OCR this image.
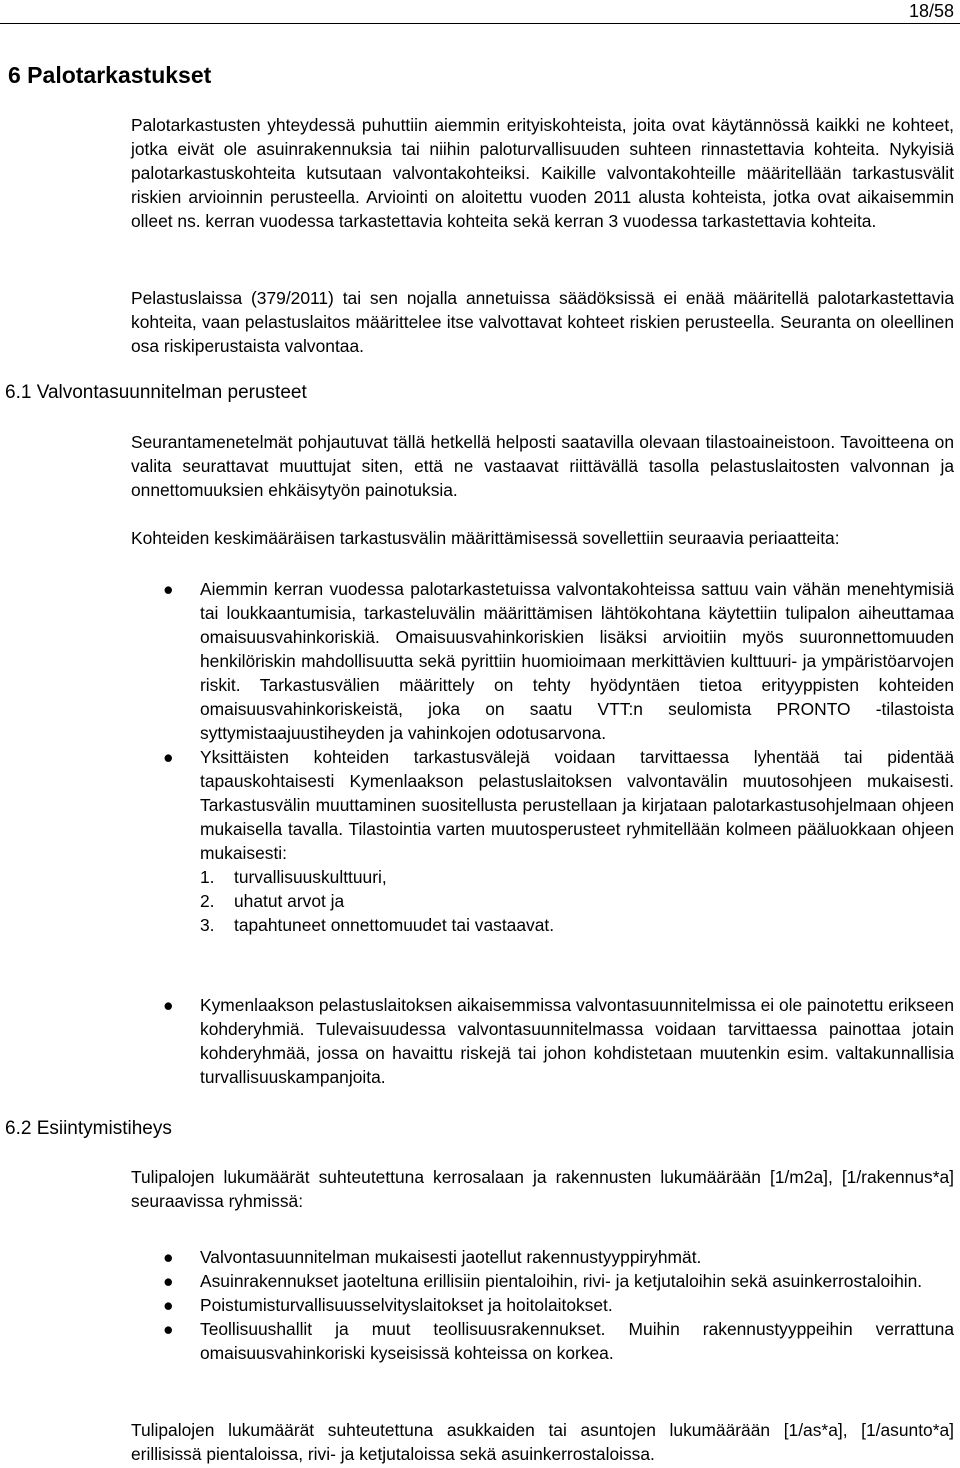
18/58
6 Palotarkastukset

Palotarkastusten yhteydessä puhuttiin aiemmin erityiskohteista, joita ovat käytännössä kaikki ne kohteet, jotka eivät ole asuinrakennuksia tai niihin paloturvallisuuden suhteen rinnastettavia kohteita. Nykyisiä palotarkastuskohteita kutsutaan valvontakohteiksi. Kaikille valvontakohteille määritellään tarkastusvälit riskien arvioinnin perusteella. Arviointi on aloitettu vuoden 2011 alusta kohteista, jotka ovat aikaisemmin olleet ns. kerran vuodessa tarkastettavia kohteita sekä kerran 3 vuodessa tarkastettavia kohteita.

Pelastuslaissa (379/2011) tai sen nojalla annetuissa säädöksissä ei enää määritellä palotarkastettavia kohteita, vaan pelastuslaitos määrittelee itse valvottavat kohteet riskien perusteella. Seuranta on oleellinen osa riskiperustaista valvontaa.

6.1 Valvontasuunnitelman perusteet

Seurantamenetelmät pohjautuvat tällä hetkellä helposti saatavilla olevaan tilastoaineistoon. Tavoitteena on valita seurattavat muuttujat siten, että ne vastaavat riittävällä tasolla pelastuslaitosten valvonnan ja onnettomuuksien ehkäisytyön painotuksia.

Kohteiden keskimääräisen tarkastusvälin määrittämisessä sovellettiin seuraavia periaatteita:

● Aiemmin kerran vuodessa palotarkastetuissa valvontakohteissa sattuu vain vähän menehtymisiä tai loukkaantumisia, tarkasteluvälin määrittämisen lähtökohtana käytettiin tulipalon aiheuttamaa omaisuusvahinkoriskiä. Omaisuusvahinkoriskien lisäksi arvioitiin myös suuronnettomuuden henkilöriskin mahdollisuutta sekä pyrittiin huomioimaan merkittävien kulttuuri- ja ympäristöarvojen riskit. Tarkastusvälien määrittely on tehty hyödyntäen tietoa erityyppisten kohteiden omaisuusvahinkoriskeistä, joka on saatu VTT:n seulomista PRONTO -tilastoista syttymistaajuustiheyden ja vahinkojen odotusarvona.
● Yksittäisten kohteiden tarkastusvälejä voidaan tarvittaessa lyhentää tai pidentää tapauskohtaisesti Kymenlaakson pelastuslaitoksen valvontavälin muutosohjeen mukaisesti. Tarkastusvälin muuttaminen suositellusta perustellaan ja kirjataan palotarkastusohjelmaan ohjeen mukaisella tavalla. Tilastointia varten muutosperusteet ryhmitellään kolmeen pääluokkaan ohjeen mukaisesti:
1. turvallisuuskulttuuri,
2. uhatut arvot ja
3. tapahtuneet onnettomuudet tai vastaavat.
● Kymenlaakson pelastuslaitoksen aikaisemmissa valvontasuunnitelmissa ei ole painotettu erikseen kohderyhmiä. Tulevaisuudessa valvontasuunnitelmassa voidaan tarvittaessa painottaa jotain kohderyhmää, jossa on havaittu riskejä tai johon kohdistetaan muutenkin esim. valtakunnallisia turvallisuuskampanjoita.
6.2 Esiintymistiheys

Tulipalojen lukumäärät suhteutettuna kerrosalaan ja rakennusten lukumäärään [1/m2a], [1/rakennus*a] seuraavissa ryhmissä:

● Valvontasuunnitelman mukaisesti jaotellut rakennustyyppiryhmät.
● Asuinrakennukset jaoteltuna erillisiin pientaloihin, rivi- ja ketjutaloihin sekä asuinkerrostaloihin.
● Poistumisturvallisuusselvityslaitokset ja hoitolaitokset.
● Teollisuushallit ja muut teollisuusrakennukset. Muihin rakennustyyppeihin verrattuna omaisuusvahinkoriski kyseisissä kohteissa on korkea.

Tulipalojen lukumäärät suhteutettuna asukkaiden tai asuntojen lukumäärään [1/as*a], [1/asunto*a] erillisissä pientaloissa, rivi- ja ketjutaloissa sekä asuinkerrostaloissa.
